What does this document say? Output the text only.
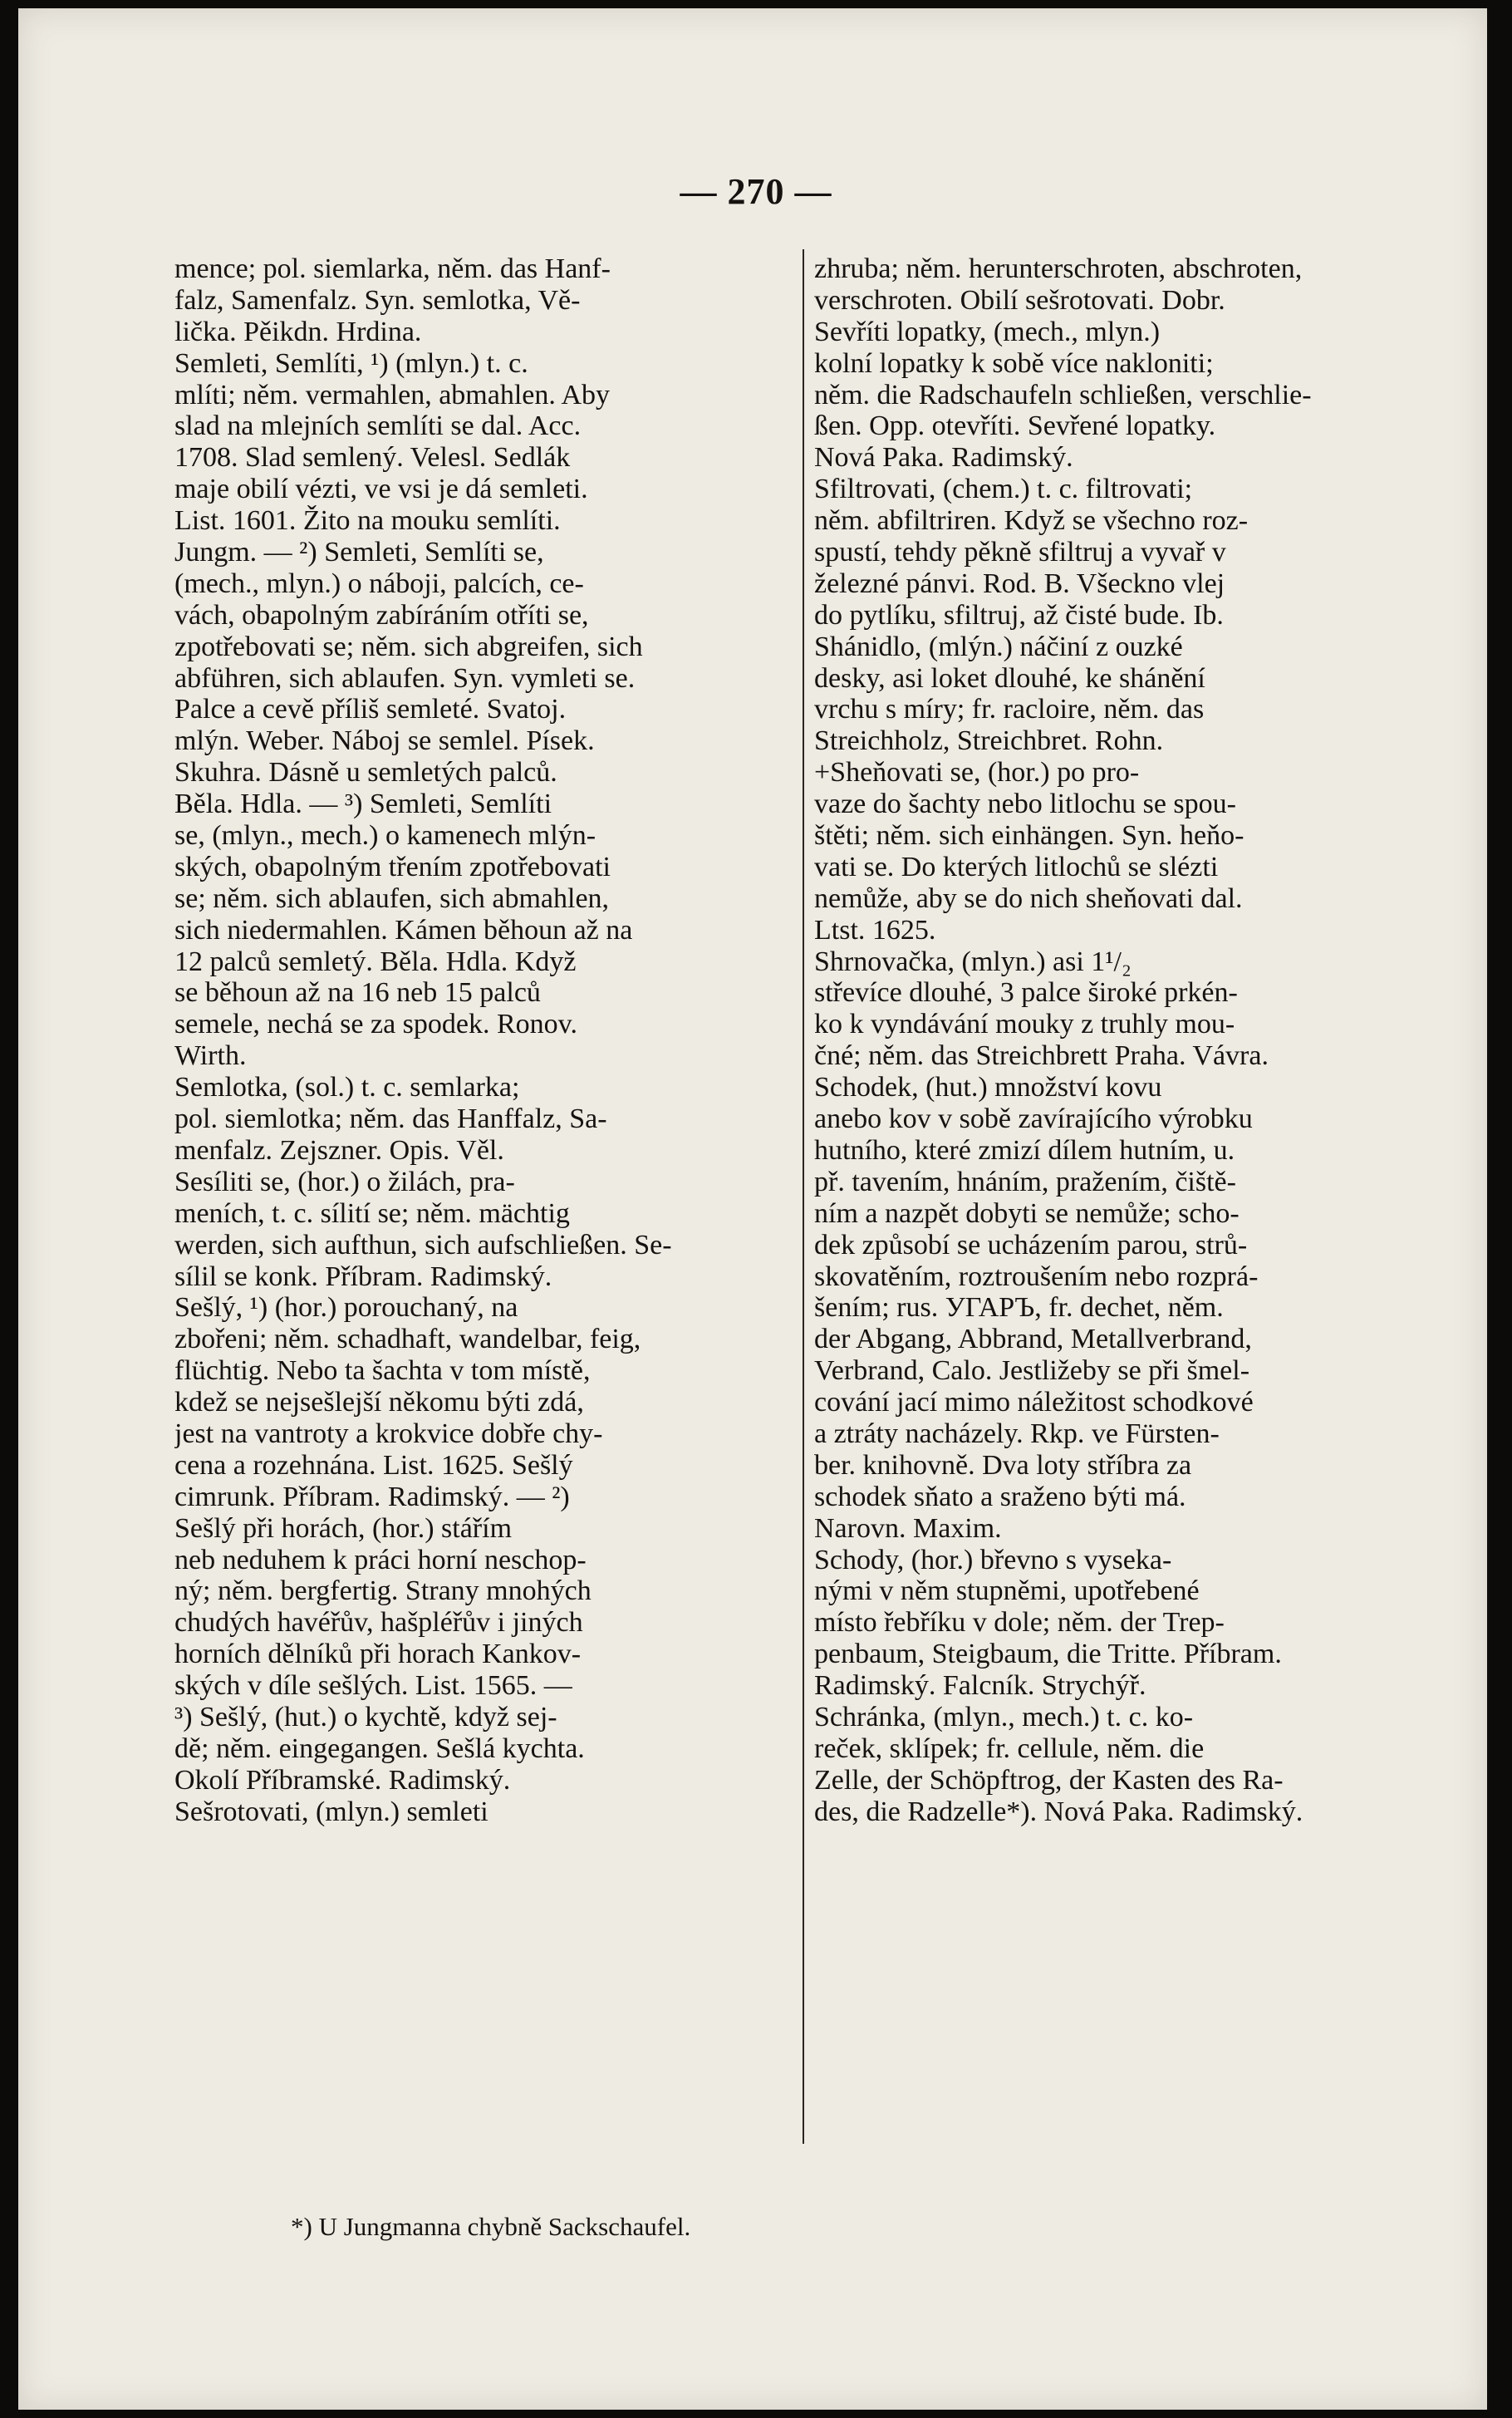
— 270 —
mence; pol. siemlarka, něm. das Hanf-
falz, Samenfalz. Syn. semlotka, Vě-
lička. Pěikdn. Hrdina.
Semleti, Semlíti, ¹) (mlyn.) t. c.
mlíti; něm. vermahlen, abmahlen. Aby
slad na mlejních semlíti se dal. Acc.
1708. Slad semlený. Velesl. Sedlák
maje obilí vézti, ve vsi je dá semleti.
List. 1601. Žito na mouku semlíti.
Jungm. — ²) Semleti, Semlíti se,
(mech., mlyn.) o náboji, palcích, ce-
vách, obapolným zabíráním otříti se,
zpotřebovati se; něm. sich abgreifen, sich
abführen, sich ablaufen. Syn. vymleti se.
Palce a cevě příliš semleté. Svatoj.
mlýn. Weber. Náboj se semlel. Písek.
Skuhra. Dásně u semletých palců.
Běla. Hdla. — ³) Semleti, Semlíti
se, (mlyn., mech.) o kamenech mlýn-
ských, obapolným třením zpotřebovati
se; něm. sich ablaufen, sich abmahlen,
sich niedermahlen. Kámen běhoun až na
12 palců semletý. Běla. Hdla. Když
se běhoun až na 16 neb 15 palců
semele, nechá se za spodek. Ronov.
Wirth.
Semlotka, (sol.) t. c. semlarka;
pol. siemlotka; něm. das Hanffalz, Sa-
menfalz. Zejszner. Opis. Věl.
Sesíliti se, (hor.) o žilách, pra-
meních, t. c. sílití se; něm. mächtig
werden, sich aufthun, sich aufschließen. Se-
sílil se konk. Příbram. Radimský.
Sešlý, ¹) (hor.) porouchaný, na
zbořeni; něm. schadhaft, wandelbar, feig,
flüchtig. Nebo ta šachta v tom místě,
kdež se nejsešlejší někomu býti zdá,
jest na vantroty a krokvice dobře chy-
cena a rozehnána. List. 1625. Sešlý
cimrunk. Příbram. Radimský. — ²)
Sešlý při horách, (hor.) stářím
neb neduhem k práci horní neschop-
ný; něm. bergfertig. Strany mnohých
chudých havéřův, hašpléřův i jiných
horních dělníků při horach Kankov-
ských v díle sešlých. List. 1565. —
³) Sešlý, (hut.) o kychtě, když sej-
dě; něm. eingegangen. Sešlá kychta.
Okolí Příbramské. Radimský.
Sešrotovati, (mlyn.) semleti
zhruba; něm. herunterschroten, abschroten,
verschroten. Obilí sešrotovati. Dobr.
Sevříti lopatky, (mech., mlyn.)
kolní lopatky k sobě více nakloniti;
něm. die Radschaufeln schließen, verschlie-
ßen. Opp. otevříti. Sevřené lopatky.
Nová Paka. Radimský.
Sfiltrovati, (chem.) t. c. filtrovati;
něm. abfiltriren. Když se všechno roz-
spustí, tehdy pěkně sfiltruj a vyvař v
železné pánvi. Rod. B. Všeckno vlej
do pytlíku, sfiltruj, až čisté bude. Ib.
Shánidlo, (mlýn.) náčiní z ouzké
desky, asi loket dlouhé, ke shánění
vrchu s míry; fr. racloire, něm. das
Streichholz, Streichbret. Rohn.
+Sheňovati se, (hor.) po pro-
vaze do šachty nebo litlochu se spou-
štěti; něm. sich einhängen. Syn. heňo-
vati se. Do kterých litlochů se slézti
nemůže, aby se do nich sheňovati dal.
Ltst. 1625.
Shrnovačka, (mlyn.) asi 1¹/₂
střevíce dlouhé, 3 palce široké prkén-
ko k vyndávání mouky z truhly mou-
čné; něm. das Streichbrett Praha. Vávra.
Schodek, (hut.) množství kovu
anebo kov v sobě zavírajícího výrobku
hutního, které zmizí dílem hutním, u.
př. tavením, hnáním, pražením, čiště-
ním a nazpět dobyti se nemůže; scho-
dek způsobí se ucházením parou, strů-
skovatěním, roztroušením nebo rozprá-
šením; rus. УГАРЪ, fr. dechet, něm.
der Abgang, Abbrand, Metallverbrand,
Verbrand, Calo. Jestližeby se při šmel-
cování jací mimo náležitost schodkové
a ztráty nacházely. Rkp. ve Fürsten-
ber. knihovně. Dva loty stříbra za
schodek sňato a sraženo býti má.
Narovn. Maxim.
Schody, (hor.) břevno s vyseka-
nými v něm stupněmi, upotřebené
místo řebříku v dole; něm. der Trep-
penbaum, Steigbaum, die Tritte. Příbram.
Radimský. Falcník. Strychýř.
Schránka, (mlyn., mech.) t. c. ko-
reček, sklípek; fr. cellule, něm. die
Zelle, der Schöpftrog, der Kasten des Ra-
des, die Radzelle*). Nová Paka. Radimský.
*) U Jungmanna chybně Sackschaufel.
